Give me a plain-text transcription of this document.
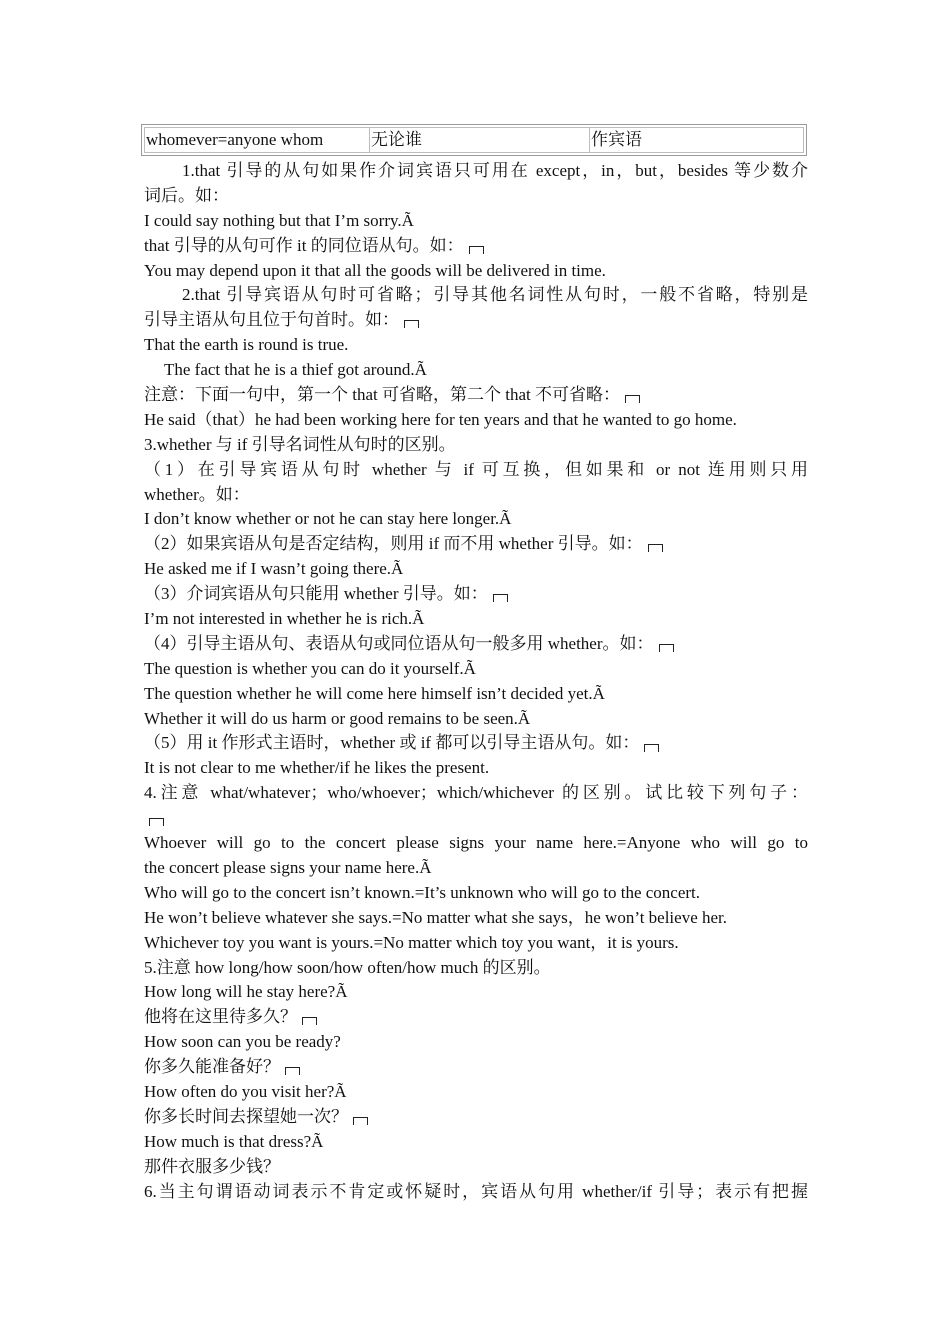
whomever=anyone whom	无论谁	作宾语
1.that 引导的从句如果作介词宾语只可用在 except，in，but，besides 等少数介
词后。如：
I could say nothing but that I’m sorry.Ã
that 引导的从句可作 it 的同位语从句。如：
You may depend upon it that all the goods will be delivered in time.
2.that 引导宾语从句时可省略；引导其他名词性从句时，一般不省略，特别是
引导主语从句且位于句首时。如：
That the earth is round is true.
The fact that he is a thief got around.Ã
注意：下面一句中，第一个 that 可省略，第二个 that 不可省略：
He said（that）he had been working here for ten years and that he wanted to go home.
3.whether 与 if 引导名词性从句时的区别。
（1）在引导宾语从句时 whether 与 if 可互换，但如果和 or not 连用则只用
whether。如：
I don’t know whether or not he can stay here longer.Ã
（2）如果宾语从句是否定结构，则用 if 而不用 whether 引导。如：
He asked me if I wasn’t going there.Ã
（3）介词宾语从句只能用 whether 引导。如：
I’m not interested in whether he is rich.Ã
（4）引导主语从句、表语从句或同位语从句一般多用 whether。如：
The question is whether you can do it yourself.Ã
The question whether he will come here himself isn’t decided yet.Ã
Whether it will do us harm or good remains to be seen.Ã
（5）用 it 作形式主语时，whether 或 if 都可以引导主语从句。如：
It is not clear to me whether/if he likes the present.
4.注意 what/whatever；who/whoever；which/whichever 的区别。试比较下列句子：
Whoever will go to the concert please signs your name here.=Anyone who will go to
the concert please signs your name here.Ã
Who will go to the concert isn’t known.=It’s unknown who will go to the concert.
He won’t believe whatever she says.=No matter what she says，he won’t believe her.
Whichever toy you want is yours.=No matter which toy you want，it is yours.
5.注意 how long/how soon/how often/how much 的区别。
How long will he stay here?Ã
他将在这里待多久？
How soon can you be ready?
你多久能准备好？
How often do you visit her?Ã
你多长时间去探望她一次？
How much is that dress?Ã
那件衣服多少钱？
6.当主句谓语动词表示不肯定或怀疑时，宾语从句用 whether/if 引导；表示有把握
